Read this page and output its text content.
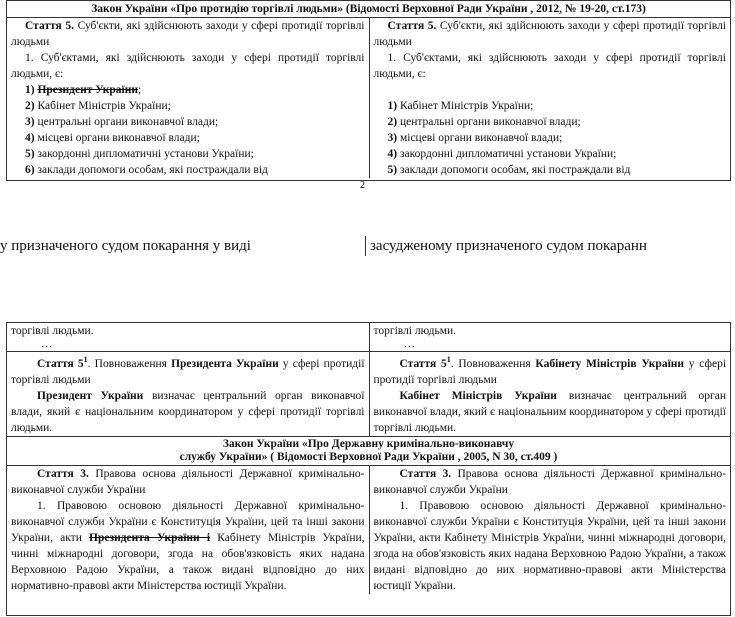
Закон України «Про протидію торгівлі людьми» (Відомості Верховної Ради України , 2012, № 19-20, ст.173)
Стаття 5. Суб'єкти, які здійснюють заходи у сфері протидії торгівлі людьми
1. Суб'єктами, які здійснюють заходи у сфері протидії торгівлі людьми, є:
1) Президент України;
2) Кабінет Міністрів України;
3) центральні органи виконавчої влади;
4) місцеві органи виконавчої влади;
5) закордонні дипломатичні установи України;
6) заклади допомоги особам, які постраждали від
Стаття 5. Суб'єкти, які здійснюють заходи у сфері протидії торгівлі людьми
1. Суб'єктами, які здійснюють заходи у сфері протидії торгівлі людьми, є:
1) Кабінет Міністрів України;
2) центральні органи виконавчої влади;
3) місцеві органи виконавчої влади;
4) закордонні дипломатичні установи України;
5) заклади допомоги особам, які постраждали від
2
у призначеного судом покарання у виді	засудженому призначеного судом покаранн
торгівлі людьми.
…
торгівлі людьми.
…
Стаття $5^1$. Повноваження Президента України у сфері протидії торгівлі людьми
Президент України визначає центральний орган виконавчої влади, який є національним координатором у сфері протидії торгівлі людьми.
Стаття $5^1$. Повноваження Кабінету Міністрів України у сфері протидії торгівлі людьми
Кабінет Міністрів України визначає центральний орган виконавчої влади, який є національним координатором у сфері протидії торгівлі людьми.
Закон України «Про Державну кримінально-виконавчу
службу України» ( Відомості Верховної Ради України , 2005, N 30, ст.409 )
Стаття 3. Правова основа діяльності Державної кримінально-виконавчої служби України
1. Правовою основою діяльності Державної кримінально-виконавчої служби України є Конституція України, цей та інші закони України, акти Президента України і Кабінету Міністрів України, чинні міжнародні договори, згода на обов'язковість яких надана Верховною Радою України, а також видані відповідно до них нормативно-правові акти Міністерства юстиції України.
Стаття 3. Правова основа діяльності Державної кримінально-виконавчої служби України
1. Правовою основою діяльності Державної кримінально-виконавчої служби України є Конституція України, цей та інші закони України, акти Кабінету Міністрів України, чинні міжнародні договори, згода на обов'язковість яких надана Верховною Радою України, а також видані відповідно до них нормативно-правові акти Міністерства юстиції України.
